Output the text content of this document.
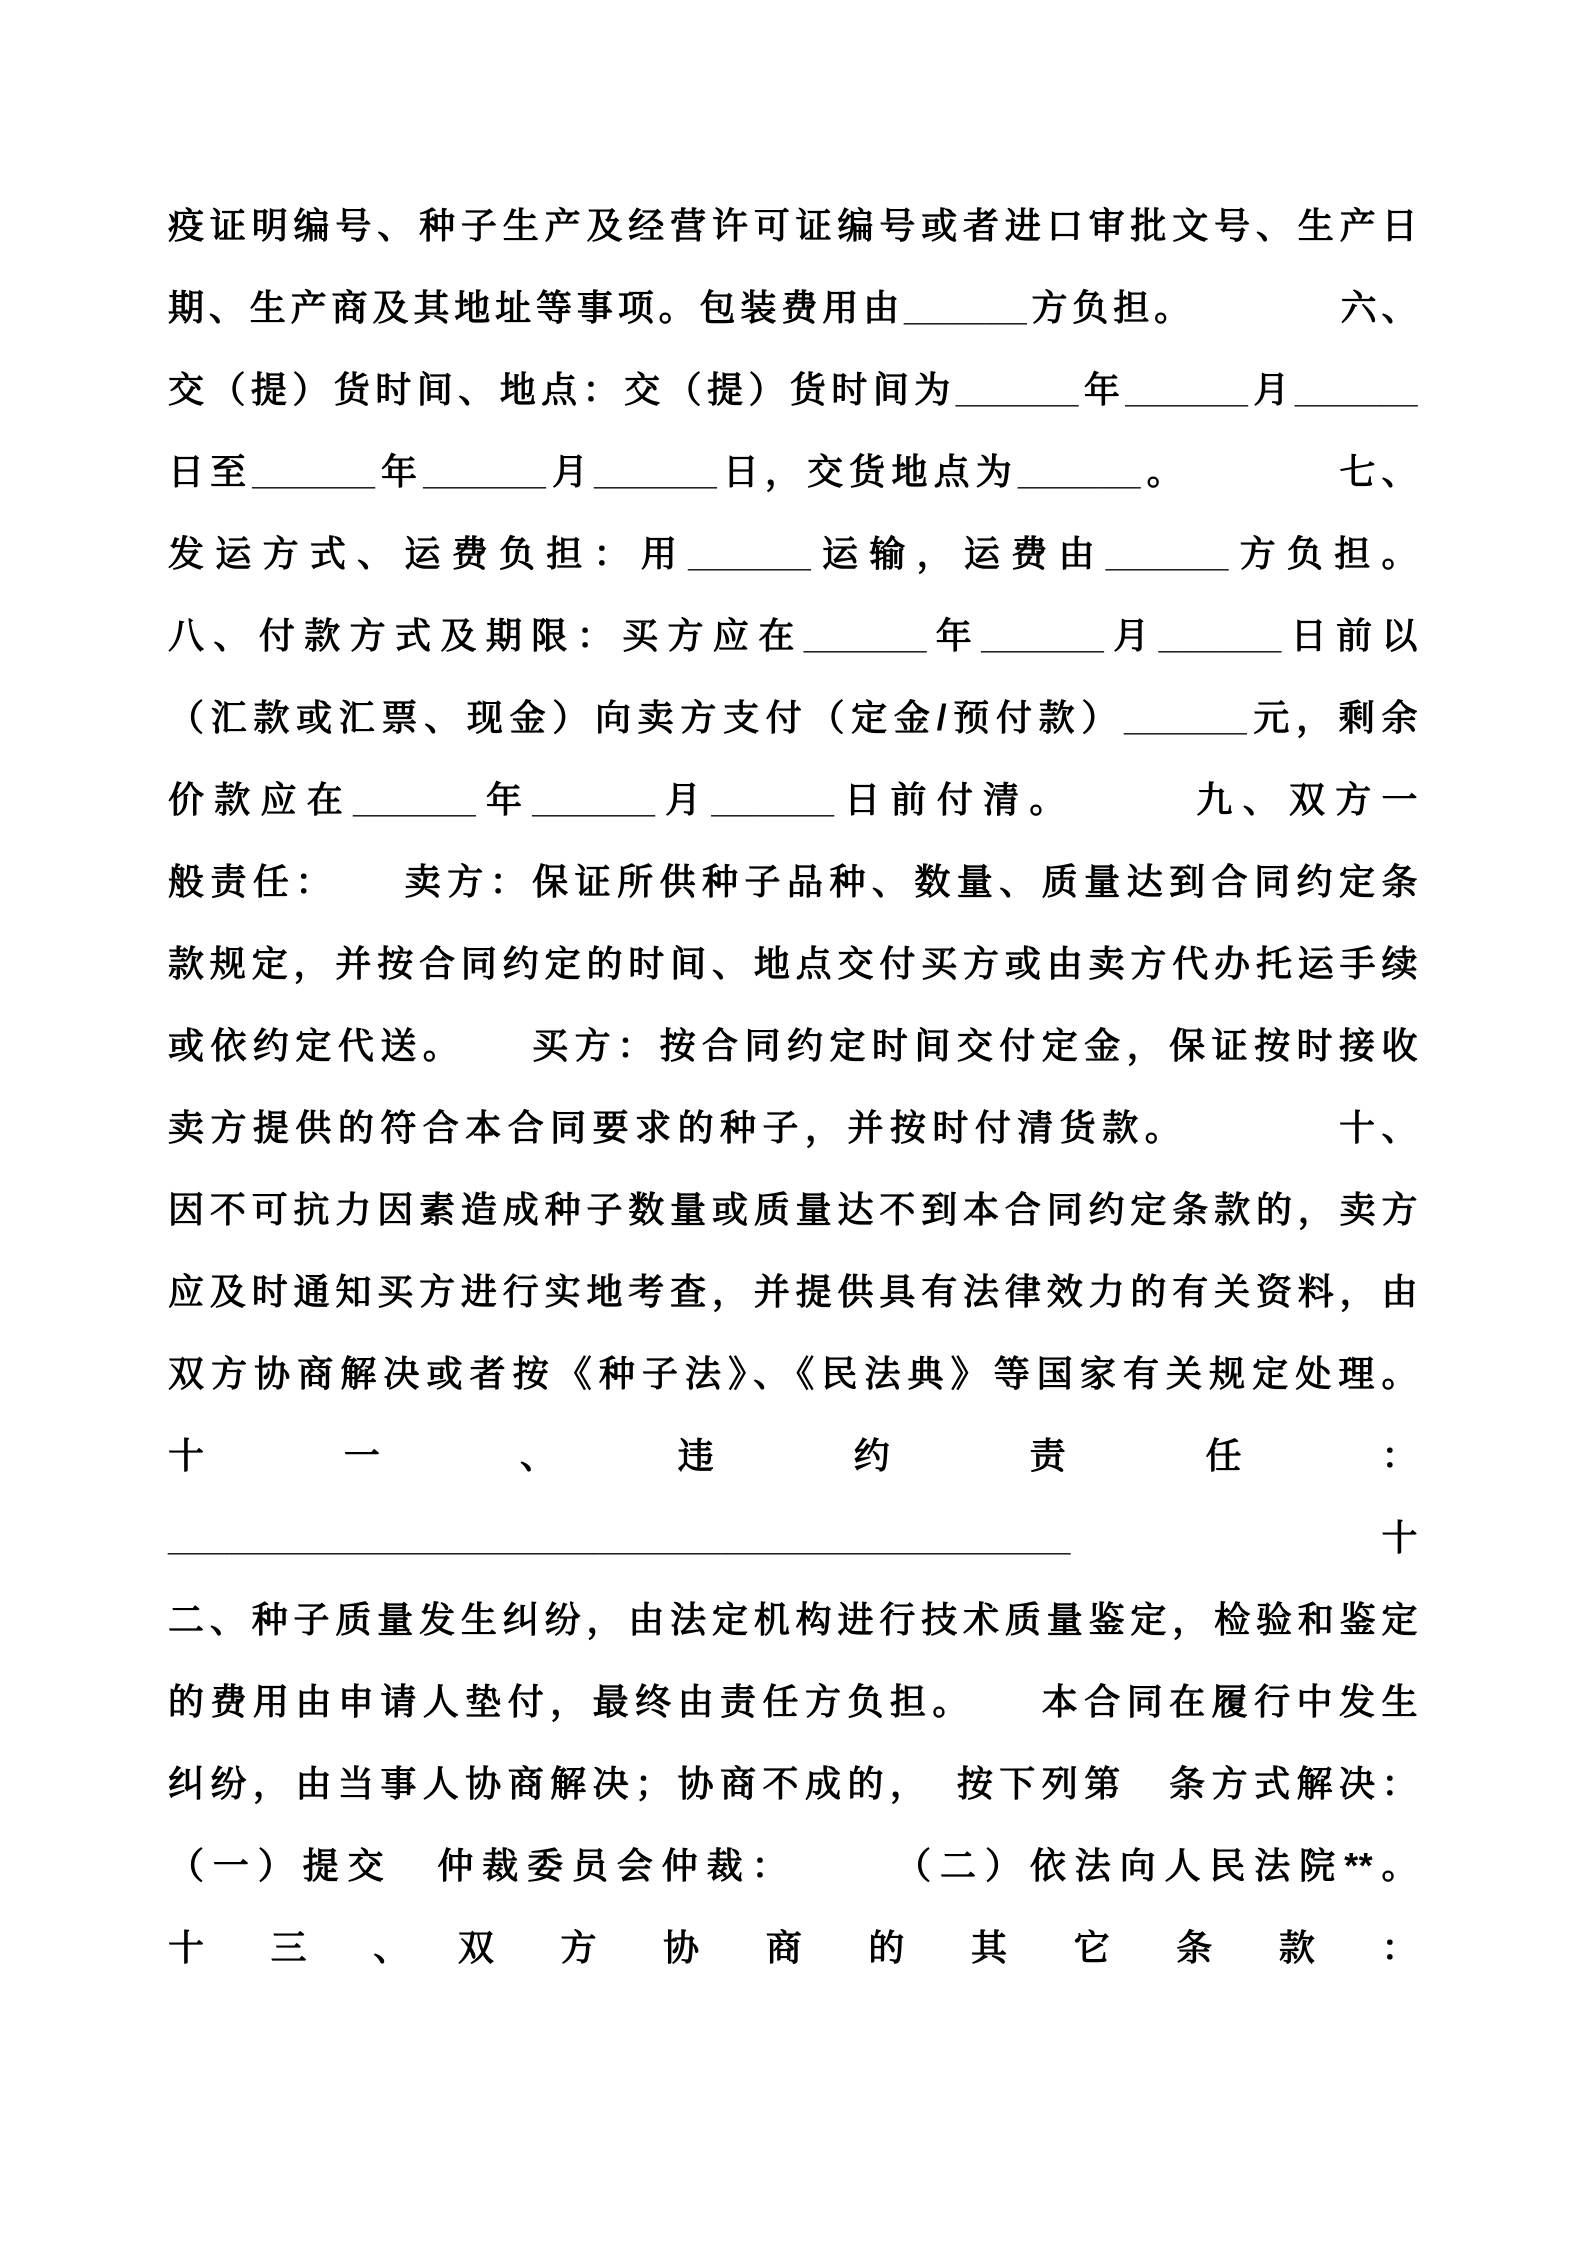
疫证明编号、种子生产及经营许可证编号或者进口审批文号、生产日
期、生产商及其地址等事项。包装费用由______方负担。　　　　六、
交（提）货时间、地点：交（提）货时间为______年______月______
日至______年______月______日，交货地点为______。　　　　七、
发运方式、运费负担：用______运输，运费由______方负担。
八、付款方式及期限：买方应在______年______月______日前以
（汇款或汇票、现金）向卖方支付（定金/预付款）______元，剩余
价款应在______年______月______日前付清。　　　九、双方一
般责任：　　卖方：保证所供种子品种、数量、质量达到合同约定条
款规定，并按合同约定的时间、地点交付买方或由卖方代办托运手续
或依约定代送。　　买方：按合同约定时间交付定金，保证按时接收
卖方提供的符合本合同要求的种子，并按时付清货款。　　　　十、
因不可抗力因素造成种子数量或质量达不到本合同约定条款的，卖方
应及时通知买方进行实地考查，并提供具有法律效力的有关资料，由
双方协商解决或者按《种子法》、《民法典》等国家有关规定处理。
十　一　、　违　约　责　任　：
____________________________________________　　　　十
二、种子质量发生纠纷，由法定机构进行技术质量鉴定，检验和鉴定
的费用由申请人垫付，最终由责任方负担。　　本合同在履行中发生
纠纷，由当事人协商解决；协商不成的，　按下列第　条方式解决：
（一）提交　仲裁委员会仲裁：　　　（二）依法向人民法院**。
十　三　、　双　方　协　商　的　其　它　条　款　：
